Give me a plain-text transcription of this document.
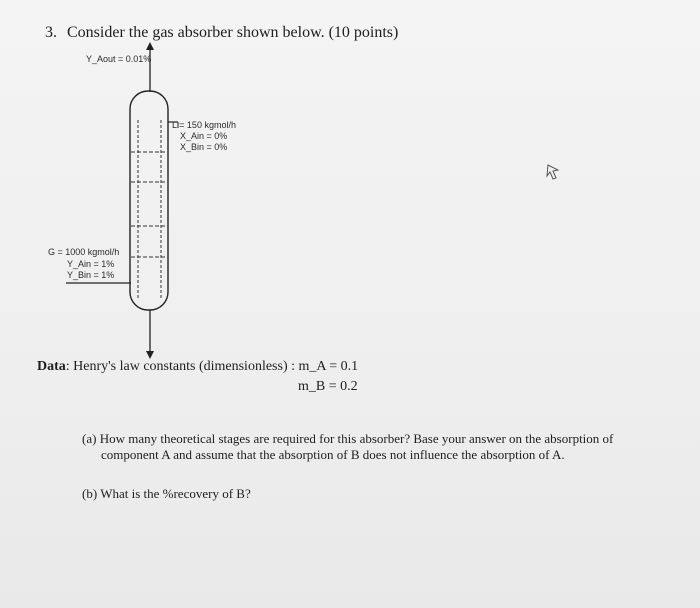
3. Consider the gas absorber shown below. (10 points)
Y_Aout = 0.01%
L = 150 kgmol/h
X_Ain = 0%
X_Bin = 0%
G = 1000 kgmol/h
Y_Ain = 1%
Y_Bin = 1%
Data: Henry's law constants (dimensionless) : m_A = 0.1
m_B = 0.2
(a) How many theoretical stages are required for this absorber? Base your answer on the absorption of
component A and assume that the absorption of B does not influence the absorption of A.
(b) What is the %recovery of B?
